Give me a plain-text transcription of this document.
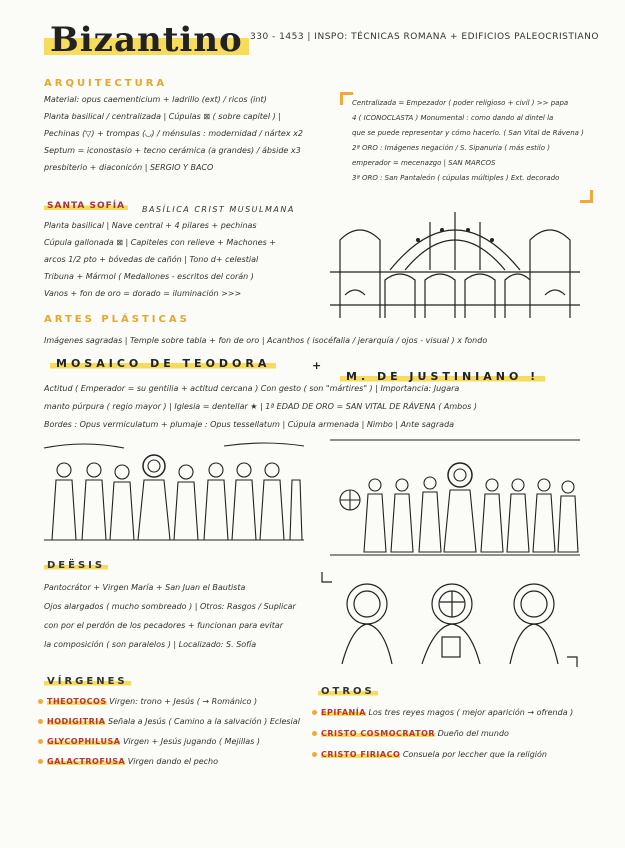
Bizantino 330 - 1453 | INSPO: TÉCNICAS ROMANA + EDIFICIOS PALEOCRISTIANO
ARQUITECTURA
Material: opus caementicium + ladrillo (ext) / ricos (int)
Planta basilical / centralizada | Cúpulas ⊠ ( sobre capitel ) |
Pechinas (▽) + trompas (◡) / ménsulas : modernidad / nártex x2
Septum = iconostasio + tecno cerámica (a grandes) / ábside x3
presbiterio + diaconicón | SERGIO Y BACO
Centralizada = Empezador ( poder religioso + civil ) >> papa
4 ( ICONOCLASTA ) Monumental : como dando al dintel la
que se puede representar y cómo hacerlo. ( San Vital de Rávena )
2ª ORO : Imágenes negación / S. Sipanuria ( más estilo )
emperador = mecenazgo | SAN MARCOS
3ª ORO : San Pantaleón ( cúpulas múltiples ) Ext. decorado
SANTA SOFÍA	BASÍLICA CRIST MUSULMANA
Planta basilical | Nave central + 4 pilares + pechinas
Cúpula gallonada ⊠ | Capiteles con relieve + Machones +
arcos 1/2 pto + bóvedas de cañón | Tono d+ celestial
Tribuna + Mármol ( Medallones - escritos del corán )
Vanos + fon de oro = dorado = iluminación >>>
ARTES PLÁSTICAS
Imágenes sagradas | Temple sobre tabla + fon de oro | Acanthos ( isocéfalia / jerarquía / ojos - visual ) x fondo
MOSAICO DE TEODORA	+
M. DE JUSTINIANO !
Actitud ( Emperador = su gentilia + actitud cercana ) Con gesto ( son "mártires" ) | Importancia: Jugara
manto púrpura ( regio mayor ) | Iglesia = dentellar ★ | 1ª EDAD DE ORO = SAN VITAL DE RÁVENA ( Ambos )
Bordes : Opus vermiculatum + plumaje : Opus tessellatum | Cúpula armenada | Nimbo | Ante sagrada
DEËSIS
Pantocrátor + Virgen María + San Juan el Bautista
Ojos alargados ( mucho sombreado ) | Otros: Rasgos / Suplicar
con por el perdón de los pecadores + funcionan para evitar
la composición ( son paralelos ) | Localizado: S. Sofía
VÍRGENES
THEOTOCOS Virgen: trono + Jesús ( → Románico )
HODIGITRIA Señala a Jesús ( Camino a la salvación ) Eclesial
GLYCOPHILUSA Virgen + Jesús jugando ( Mejillas )
GALACTROFUSA Virgen dando el pecho
OTROS
EPIFANÍA Los tres reyes magos ( mejor aparición → ofrenda )
CRISTO COSMOCRATOR Dueño del mundo
CRISTO FIRIACO Consuela por leccher que la religión
